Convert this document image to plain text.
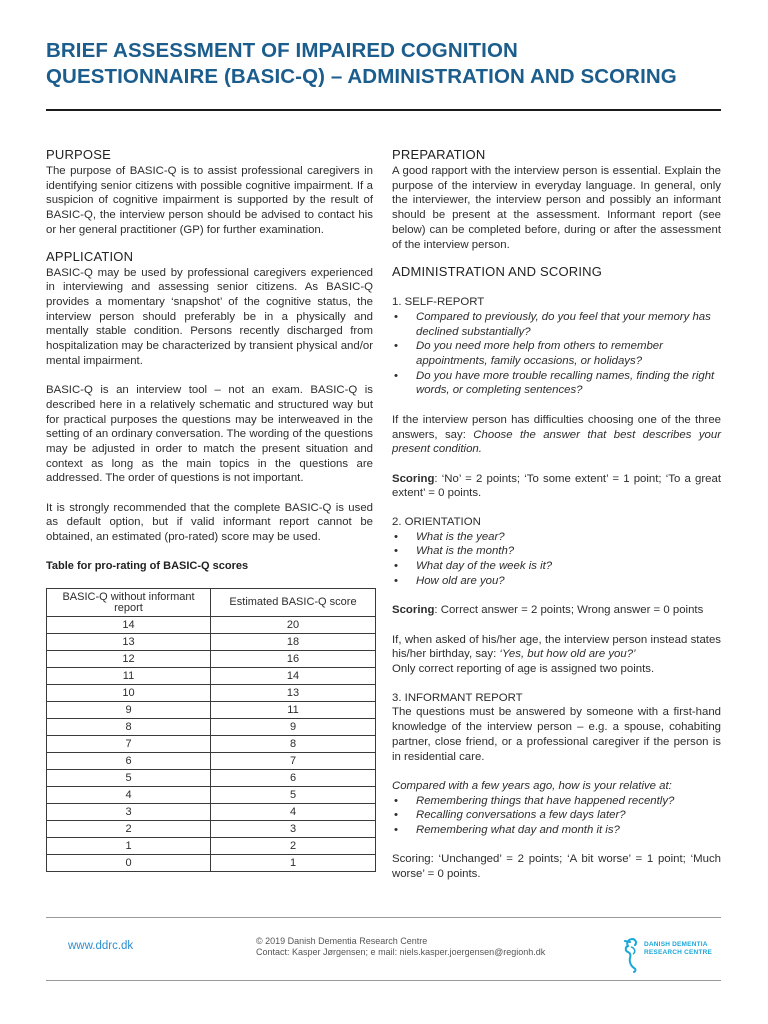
BRIEF ASSESSMENT OF IMPAIRED COGNITION
QUESTIONNAIRE (BASIC-Q) – ADMINISTRATION AND SCORING
PURPOSE

The purpose of BASIC-Q is to assist professional caregivers in identifying senior citizens with possible cognitive impairment. If a suspicion of cognitive impairment is supported by the result of BASIC-Q, the interview person should be advised to contact his or her general practitioner (GP) for further examination.

APPLICATION

BASIC-Q may be used by professional caregivers experienced in interviewing and assessing senior citizens. As BASIC-Q provides a momentary ‘snapshot’ of the cognitive status, the interview person should preferably be in a physically and mentally stable condition. Persons recently discharged from hospitalization may be characterized by transient physical and/or mental impairment.

BASIC-Q is an interview tool – not an exam. BASIC-Q is described here in a relatively schematic and structured way but for practical purposes the questions may be interweaved in the setting of an ordinary conversation. The wording of the questions may be adjusted in order to match the present situation and context as long as the main topics in the questions are addressed. The order of questions is not important.

It is strongly recommended that the complete BASIC-Q is used as default option, but if valid informant report cannot be obtained, an estimated (pro-rated) score may be used.

Table for pro-rating of BASIC-Q scores
BASIC-Q without informant report	Estimated BASIC-Q score
14	20
13	18
12	16
11	14
10	13
9	11
8	9
7	8
6	7
5	6
4	5
3	4
2	3
1	2
0	1
PREPARATION

A good rapport with the interview person is essential. Explain the purpose of the interview in everyday language. In general, only the interviewer, the interview person and possibly an informant should be present at the assessment. Informant report (see below) can be completed before, during or after the assessment of the interview person.

ADMINISTRATION AND SCORING
1. SELF-REPORT
• Compared to previously, do you feel that your memory has declined substantially?
• Do you need more help from others to remember appointments, family occasions, or holidays?
• Do you have more trouble recalling names, finding the right words, or completing sentences?

If the interview person has difficulties choosing one of the three answers, say: Choose the answer that best describes your present condition.

Scoring: ‘No’ = 2 points; ‘To some extent’ = 1 point; ‘To a great extent’ = 0 points.

2. ORIENTATION
• What is the year?
• What is the month?
• What day of the week is it?
• How old are you?

Scoring: Correct answer = 2 points; Wrong answer = 0 points

If, when asked of his/her age, the interview person instead states his/her birthday, say: ‘Yes, but how old are you?’

Only correct reporting of age is assigned two points.

3. INFORMANT REPORT

The questions must be answered by someone with a first-hand knowledge of the interview person – e.g. a spouse, cohabiting partner, close friend, or a professional caregiver if the person is in residential care.

Compared with a few years ago, how is your relative at:

• Remembering things that have happened recently?
• Recalling conversations a few days later?
• Remembering what day and month it is?

Scoring: ‘Unchanged’ = 2 points; ‘A bit worse’ = 1 point; ‘Much worse’ = 0 points.

www.ddrc.dk	© 2019 Danish Dementia Research Centre
Contact: Kasper Jørgensen; e mail: niels.kasper.joergensen@regionh.dk
DANISH DEMENTIA
RESEARCH CENTRE
